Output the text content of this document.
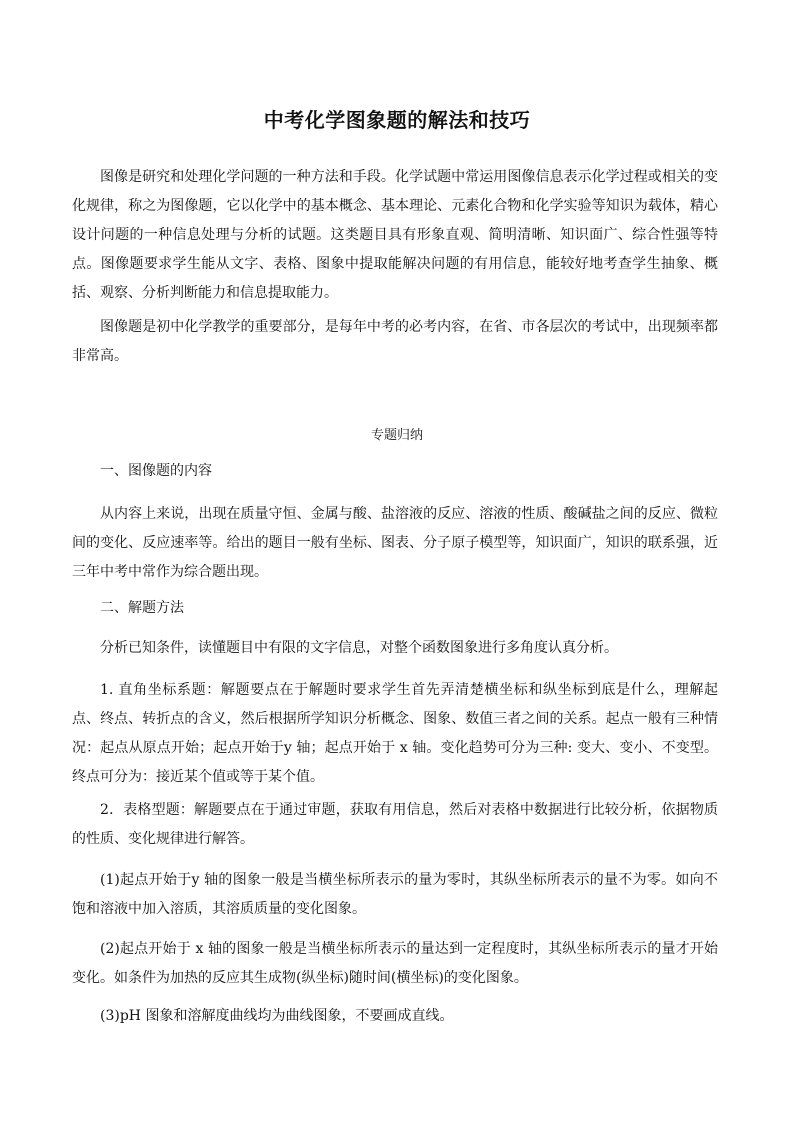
中考化学图象题的解法和技巧

图像是研究和处理化学问题的一种方法和手段。化学试题中常运用图像信息表示化学过程或相关的变化规律，称之为图像题，它以化学中的基本概念、基本理论、元素化合物和化学实验等知识为载体，精心设计问题的一种信息处理与分析的试题。这类题目具有形象直观、简明清晰、知识面广、综合性强等特点。图像题要求学生能从文字、表格、图象中提取能解决问题的有用信息，能较好地考查学生抽象、概括、观察、分析判断能力和信息提取能力。

图像题是初中化学教学的重要部分，是每年中考的必考内容，在省、市各层次的考试中，出现频率都非常高。

专题归纳

一、图像题的内容

从内容上来说，出现在质量守恒、金属与酸、盐溶液的反应、溶液的性质、酸碱盐之间的反应、微粒间的变化、反应速率等。给出的题目一般有坐标、图表、分子原子模型等，知识面广，知识的联系强，近三年中考中常作为综合题出现。

二、解题方法

分析已知条件，读懂题目中有限的文字信息，对整个函数图象进行多角度认真分析。

1. 直角坐标系题：解题要点在于解题时要求学生首先弄清楚横坐标和纵坐标到底是什么，理解起点、终点、转折点的含义，然后根据所学知识分析概念、图象、数值三者之间的关系。起点一般有三种情况：起点从原点开始；起点开始于y 轴；起点开始于 x 轴。变化趋势可分为三种: 变大、变小、不变型。终点可分为：接近某个值或等于某个值。

2．表格型题：解题要点在于通过审题，获取有用信息，然后对表格中数据进行比较分析，依据物质的性质、变化规律进行解答。

(1)起点开始于y 轴的图象一般是当横坐标所表示的量为零时，其纵坐标所表示的量不为零。如向不饱和溶液中加入溶质，其溶质质量的变化图象。

(2)起点开始于 x 轴的图象一般是当横坐标所表示的量达到一定程度时，其纵坐标所表示的量才开始变化。如条件为加热的反应其生成物(纵坐标)随时间(横坐标)的变化图象。

(3)pH 图象和溶解度曲线均为曲线图象，不要画成直线。
